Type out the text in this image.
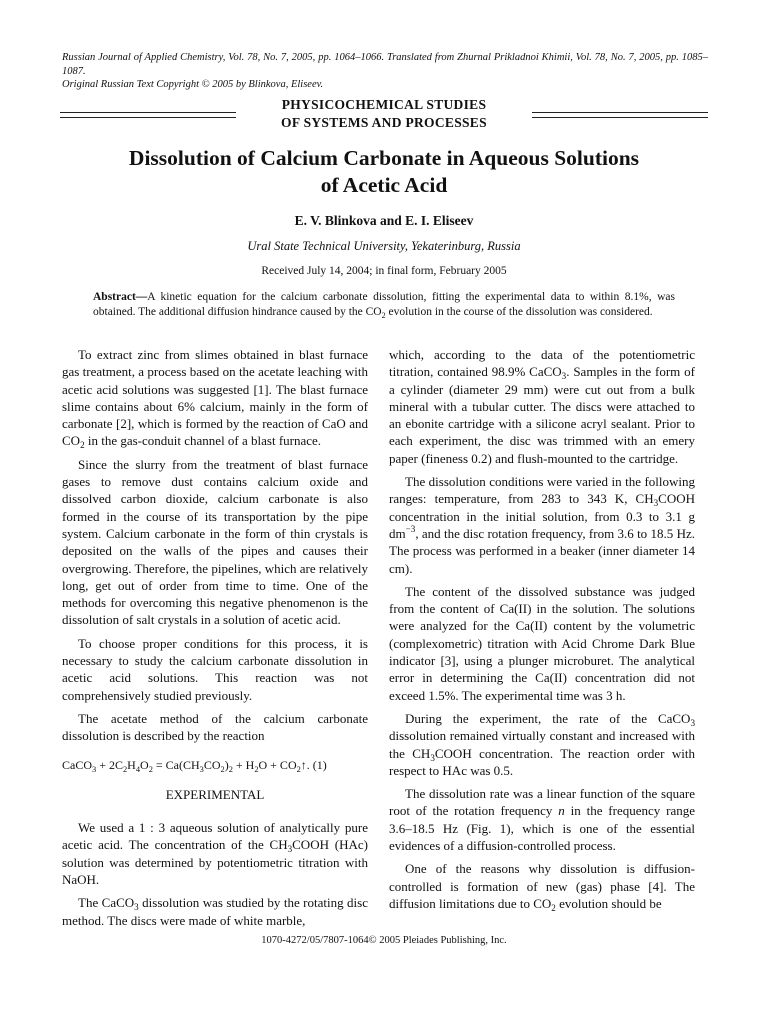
Russian Journal of Applied Chemistry, Vol. 78, No. 7, 2005, pp. 1064–1066. Translated from Zhurnal Prikladnoi Khimii, Vol. 78, No. 7, 2005, pp. 1085–1087.

Original Russian Text Copyright © 2005 by Blinkova, Eliseev.

PHYSICOCHEMICAL STUDIES
OF SYSTEMS AND PROCESSES
Dissolution of Calcium Carbonate in Aqueous Solutions
of Acetic Acid
E. V. Blinkova and E. I. Eliseev
Ural State Technical University, Yekaterinburg, Russia
Received July 14, 2004; in final form, February 2005

Abstract—A kinetic equation for the calcium carbonate dissolution, fitting the experimental data to within 8.1%, was obtained. The additional diffusion hindrance caused by the $CO_2$ evolution in the course of the dissolution was considered.

To extract zinc from slimes obtained in blast furnace gas treatment, a process based on the acetate leaching with acetic acid solutions was suggested [1]. The blast furnace slime contains about 6% calcium, mainly in the form of carbonate [2], which is formed by the reaction of CaO and $CO_2$ in the gas-conduit channel of a blast furnace.

Since the slurry from the treatment of blast furnace gases to remove dust contains calcium oxide and dissolved carbon dioxide, calcium carbonate is also formed in the course of its transportation by the pipe system. Calcium carbonate in the form of thin crystals is deposited on the walls of the pipes and causes their overgrowing. Therefore, the pipelines, which are relatively long, get out of order from time to time. One of the methods for overcoming this negative phenomenon is the dissolution of salt crystals in a solution of acetic acid.

To choose proper conditions for this process, it is necessary to study the calcium carbonate dissolution in acetic acid solutions. This reaction was not comprehensively studied previously.

The acetate method of the calcium carbonate dissolution is described by the reaction

CaCO$_3$ + $2C_2H_4O_2 = Ca(CH_3CO_2)_2 + H_2O$ + $CO_2↑$. (1)

EXPERIMENTAL

We used a 1 : 3 aqueous solution of analytically pure acetic acid. The concentration of the $CH_3COOH$ (HAc) solution was determined by potentiometric titration with NaOH.

The CaCO$_3$ dissolution was studied by the rotating disc method. The discs were made of white marble,

which, according to the data of the potentiometric titration, contained 98.9% CaCO$_3$. Samples in the form of a cylinder (diameter 29 mm) were cut out from a bulk mineral with a tubular cutter. The discs were attached to an ebonite cartridge with a silicone acryl sealant. Prior to each experiment, the disc was trimmed with an emery paper (fineness 0.2) and flush-mounted to the cartridge.

The dissolution conditions were varied in the following ranges: temperature, from 283 to 343 K, $CH_3COOH$ concentration in the initial solution, from 0.3 to 3.1 g $dm^{-3}$, and the disc rotation frequency, from 3.6 to 18.5 Hz. The process was performed in a beaker (inner diameter 14 cm).

The content of the dissolved substance was judged from the content of Ca(II) in the solution. The solutions were analyzed for the Ca(II) content by the volumetric (complexometric) titration with Acid Chrome Dark Blue indicator [3], using a plunger microburet. The analytical error in determining the Ca(II) concentration did not exceed 1.5%. The experimental time was 3 h.

During the experiment, the rate of the CaCO$_3$ dissolution remained virtually constant and increased with the $CH_3COOH$ concentration. The reaction order with respect to HAc was 0.5.

The dissolution rate was a linear function of the square root of the rotation frequency n in the frequency range 3.6–18.5 Hz (Fig. 1), which is one of the essential evidences of a diffusion-controlled process.

One of the reasons why dissolution is diffusion-controlled is formation of new (gas) phase [4]. The diffusion limitations due to $CO_2$ evolution should be

1070-4272/05/7807-1064© 2005 Pleiades Publishing, Inc.
